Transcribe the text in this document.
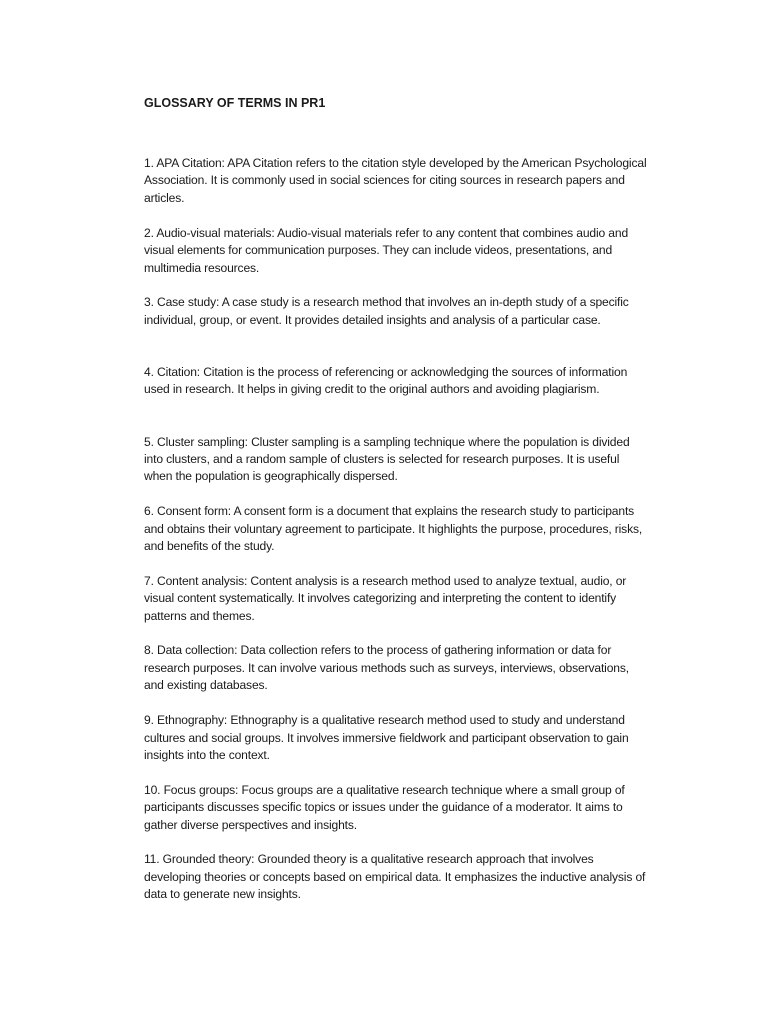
GLOSSARY OF TERMS IN PR1
1. APA Citation: APA Citation refers to the citation style developed by the American Psychological Association. It is commonly used in social sciences for citing sources in research papers and articles.
2. Audio-visual materials: Audio-visual materials refer to any content that combines audio and visual elements for communication purposes. They can include videos, presentations, and multimedia resources.
3. Case study: A case study is a research method that involves an in-depth study of a specific individual, group, or event. It provides detailed insights and analysis of a particular case.
4. Citation: Citation is the process of referencing or acknowledging the sources of information used in research. It helps in giving credit to the original authors and avoiding plagiarism.
5. Cluster sampling: Cluster sampling is a sampling technique where the population is divided into clusters, and a random sample of clusters is selected for research purposes. It is useful when the population is geographically dispersed.
6. Consent form: A consent form is a document that explains the research study to participants and obtains their voluntary agreement to participate. It highlights the purpose, procedures, risks, and benefits of the study.
7. Content analysis: Content analysis is a research method used to analyze textual, audio, or visual content systematically. It involves categorizing and interpreting the content to identify patterns and themes.
8. Data collection: Data collection refers to the process of gathering information or data for research purposes. It can involve various methods such as surveys, interviews, observations, and existing databases.
9. Ethnography: Ethnography is a qualitative research method used to study and understand cultures and social groups. It involves immersive fieldwork and participant observation to gain insights into the context.
10. Focus groups: Focus groups are a qualitative research technique where a small group of participants discusses specific topics or issues under the guidance of a moderator. It aims to gather diverse perspectives and insights.
11. Grounded theory: Grounded theory is a qualitative research approach that involves developing theories or concepts based on empirical data. It emphasizes the inductive analysis of data to generate new insights.
